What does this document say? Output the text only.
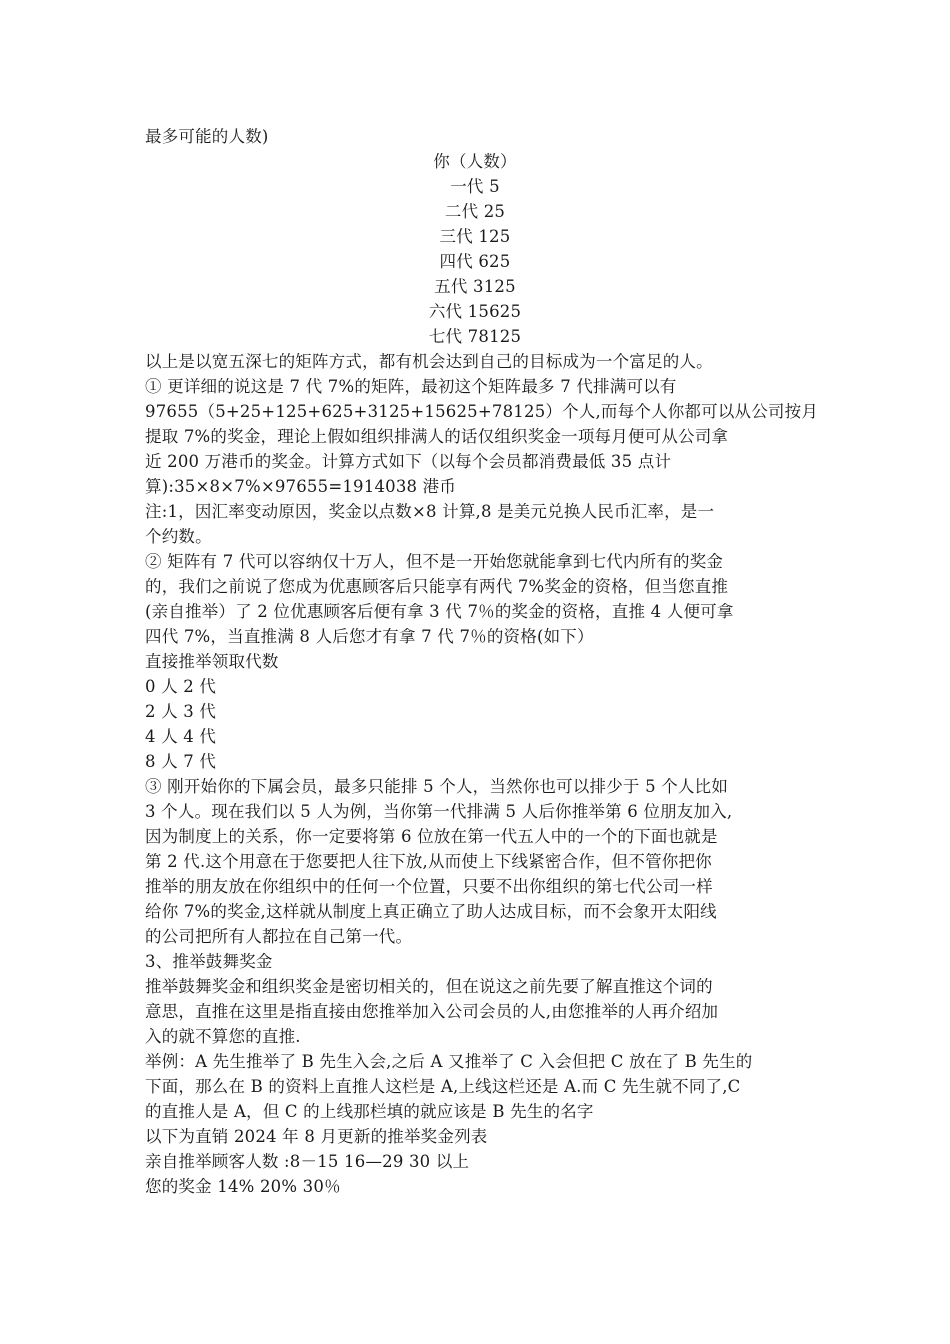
最多可能的人数)
你（人数）
一代 5
二代 25
三代 125
四代 625
五代 3125
六代 15625
七代 78125
以上是以宽五深七的矩阵方式，都有机会达到自己的目标成为一个富足的人。
① 更详细的说这是 7 代 7%的矩阵，最初这个矩阵最多 7 代排满可以有
97655（5+25+125+625+3125+15625+78125）个人,而每个人你都可以从公司按月
提取 7%的奖金，理论上假如组织排满人的话仅组织奖金一项每月便可从公司拿
近 200 万港币的奖金。计算方式如下（以每个会员都消费最低 35 点计
算):35×8×7%×97655=1914038 港币
注:1，因汇率变动原因，奖金以点数×8 计算,8 是美元兑换人民币汇率，是一
个约数。
② 矩阵有 7 代可以容纳仅十万人，但不是一开始您就能拿到七代内所有的奖金
的，我们之前说了您成为优惠顾客后只能享有两代 7%奖金的资格，但当您直推
(亲自推举）了 2 位优惠顾客后便有拿 3 代 7％的奖金的资格，直推 4 人便可拿
四代 7%，当直推满 8 人后您才有拿 7 代 7％的资格(如下）
直接推举领取代数
0 人 2 代
2 人 3 代
4 人 4 代
8 人 7 代
③ 刚开始你的下属会员，最多只能排 5 个人，当然你也可以排少于 5 个人比如
3 个人。现在我们以 5 人为例，当你第一代排满 5 人后你推举第 6 位朋友加入,
因为制度上的关系，你一定要将第 6 位放在第一代五人中的一个的下面也就是
第 2 代.这个用意在于您要把人往下放,从而使上下线紧密合作，但不管你把你
推举的朋友放在你组织中的任何一个位置，只要不出你组织的第七代公司一样
给你 7%的奖金,这样就从制度上真正确立了助人达成目标，而不会象开太阳线
的公司把所有人都拉在自己第一代。
3、推举鼓舞奖金
推举鼓舞奖金和组织奖金是密切相关的，但在说这之前先要了解直推这个词的
意思，直推在这里是指直接由您推举加入公司会员的人,由您推举的人再介绍加
入的就不算您的直推.
举例：A 先生推举了 B 先生入会,之后 A 又推举了 C 入会但把 C 放在了 B 先生的
下面，那么在 B 的资料上直推人这栏是 A,上线这栏还是 A.而 C 先生就不同了,C
的直推人是 A，但 C 的上线那栏填的就应该是 B 先生的名字
以下为直销 2024 年 8 月更新的推举奖金列表
亲自推举顾客人数 :8－15 16—29 30 以上
您的奖金 14% 20% 30％
